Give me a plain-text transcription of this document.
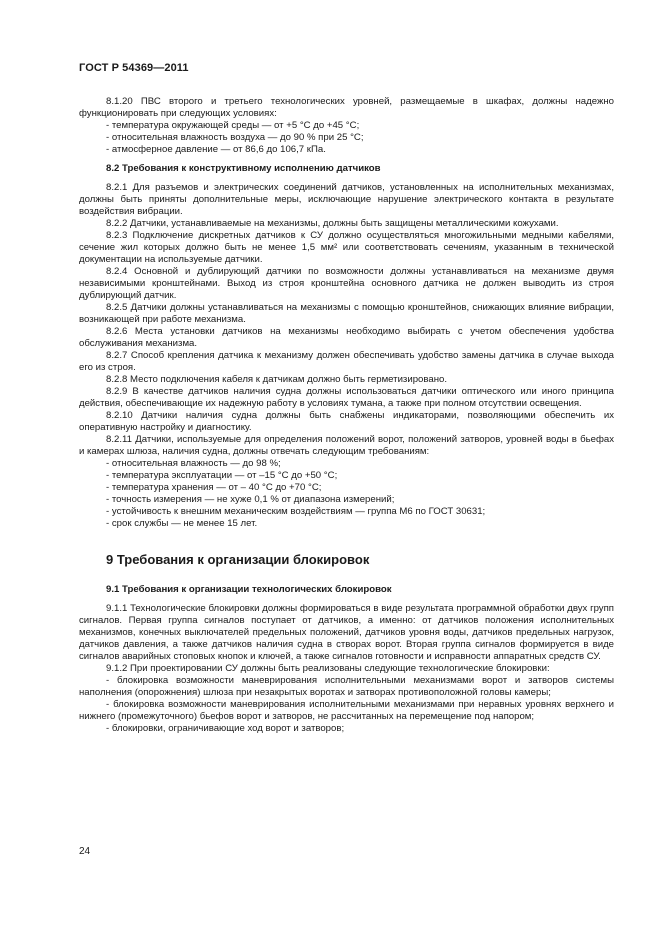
ГОСТ Р 54369—2011
8.1.20 ПВС второго и третьего технологических уровней, размещаемые в шкафах, должны надежно функционировать при следующих условиях:
- температура окружающей среды — от +5 °С до +45 °С;
- относительная влажность воздуха — до 90 % при 25 °С;
- атмосферное давление — от 86,6 до 106,7 кПа.
8.2 Требования к конструктивному исполнению датчиков
8.2.1 Для разъемов и электрических соединений датчиков, установленных на исполнительных механизмах, должны быть приняты дополнительные меры, исключающие нарушение электрического контакта в результате воздействия вибрации.
8.2.2 Датчики, устанавливаемые на механизмы, должны быть защищены металлическими кожухами.
8.2.3 Подключение дискретных датчиков к СУ должно осуществляться многожильными медными кабелями, сечение жил которых должно быть не менее 1,5 мм² или соответствовать сечениям, указанным в технической документации на используемые датчики.
8.2.4 Основной и дублирующий датчики по возможности должны устанавливаться на механизме двумя независимыми кронштейнами. Выход из строя кронштейна основного датчика не должен выводить из строя дублирующий датчик.
8.2.5 Датчики должны устанавливаться на механизмы с помощью кронштейнов, снижающих влияние вибрации, возникающей при работе механизма.
8.2.6 Места установки датчиков на механизмы необходимо выбирать с учетом обеспечения удобства обслуживания механизма.
8.2.7 Способ крепления датчика к механизму должен обеспечивать удобство замены датчика в случае выхода его из строя.
8.2.8 Место подключения кабеля к датчикам должно быть герметизировано.
8.2.9 В качестве датчиков наличия судна должны использоваться датчики оптического или иного принципа действия, обеспечивающие их надежную работу в условиях тумана, а также при полном отсутствии освещения.
8.2.10 Датчики наличия судна должны быть снабжены индикаторами, позволяющими обеспечить их оперативную настройку и диагностику.
8.2.11 Датчики, используемые для определения положений ворот, положений затворов, уровней воды в бьефах и камерах шлюза, наличия судна, должны отвечать следующим требованиям:
- относительная влажность — до 98 %;
- температура эксплуатации — от –15 °С до +50 °С;
- температура хранения — от – 40 °С до +70 °С;
- точность измерения — не хуже 0,1 % от диапазона измерений;
- устойчивость к внешним механическим воздействиям — группа М6 по ГОСТ 30631;
- срок службы — не менее 15 лет.
9 Требования к организации блокировок
9.1 Требования к организации технологических блокировок
9.1.1 Технологические блокировки должны формироваться в виде результата программной обработки двух групп сигналов. Первая группа сигналов поступает от датчиков, а именно: от датчиков положения исполнительных механизмов, конечных выключателей предельных положений, датчиков уровня воды, датчиков предельных нагрузок, датчиков давления, а также датчиков наличия судна в створах ворот. Вторая группа сигналов формируется в виде сигналов аварийных стоповых кнопок и ключей, а также сигналов готовности и исправности аппаратных средств СУ.
9.1.2 При проектировании СУ должны быть реализованы следующие технологические блокировки:
- блокировка возможности маневрирования исполнительными механизмами ворот и затворов системы наполнения (опорожнения) шлюза при незакрытых воротах и затворах противоположной головы камеры;
- блокировка возможности маневрирования исполнительными механизмами при неравных уровнях верхнего и нижнего (промежуточного) бьефов ворот и затворов, не рассчитанных на перемещение под напором;
- блокировки, ограничивающие ход ворот и затворов;
24
